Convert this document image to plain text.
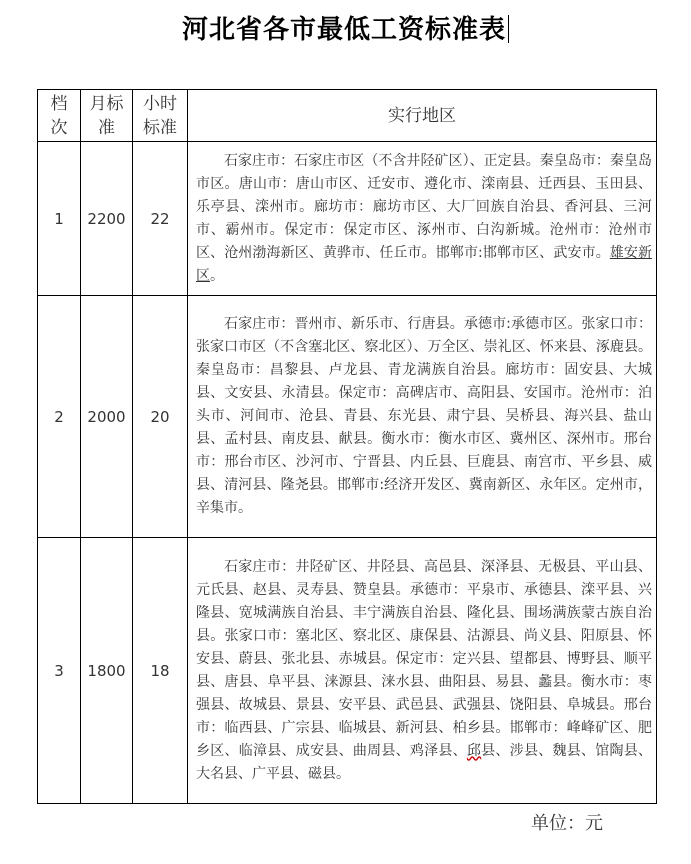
河北省各市最低工资标准表
档次	月标准	小时标准	实行地区
1	2200	22	石家庄市：石家庄市区（不含井陉矿区）、正定县。秦皇岛市：秦皇岛市区。唐山市：唐山市区、迁安市、遵化市、滦南县、迁西县、玉田县、乐亭县、滦州市。廊坊市：廊坊市区、大厂回族自治县、香河县、三河市、霸州市。保定市：保定市区、涿州市、白沟新城。沧州市：沧州市区、沧州渤海新区、黄骅市、任丘市。邯郸市:邯郸市区、武安市。雄安新区。
2	2000	20	石家庄市：晋州市、新乐市、行唐县。承德市:承德市区。张家口市：张家口市区（不含塞北区、察北区）、万全区、崇礼区、怀来县、涿鹿县。秦皇岛市：昌黎县、卢龙县、青龙满族自治县。廊坊市：固安县、大城县、文安县、永清县。保定市：高碑店市、高阳县、安国市。沧州市：泊头市、河间市、沧县、青县、东光县、肃宁县、吴桥县、海兴县、盐山县、孟村县、南皮县、献县。衡水市：衡水市区、冀州区、深州市。邢台市：邢台市区、沙河市、宁晋县、内丘县、巨鹿县、南宫市、平乡县、威县、清河县、隆尧县。邯郸市:经济开发区、冀南新区、永年区。定州市，辛集市。
3	1800	18	石家庄市：井陉矿区、井陉县、高邑县、深泽县、无极县、平山县、元氏县、赵县、灵寿县、赞皇县。承德市：平泉市、承德县、滦平县、兴隆县、宽城满族自治县、丰宁满族自治县、隆化县、围场满族蒙古族自治县。张家口市：塞北区、察北区、康保县、沽源县、尚义县、阳原县、怀安县、蔚县、张北县、赤城县。保定市：定兴县、望都县、博野县、顺平县、唐县、阜平县、涞源县、涞水县、曲阳县、易县、蠡县。衡水市：枣强县、故城县、景县、安平县、武邑县、武强县、饶阳县、阜城县。邢台市：临西县、广宗县、临城县、新河县、柏乡县。邯郸市：峰峰矿区、肥乡区、临漳县、成安县、曲周县、鸡泽县、邱县、涉县、魏县、馆陶县、大名县、广平县、磁县。
单位：元
